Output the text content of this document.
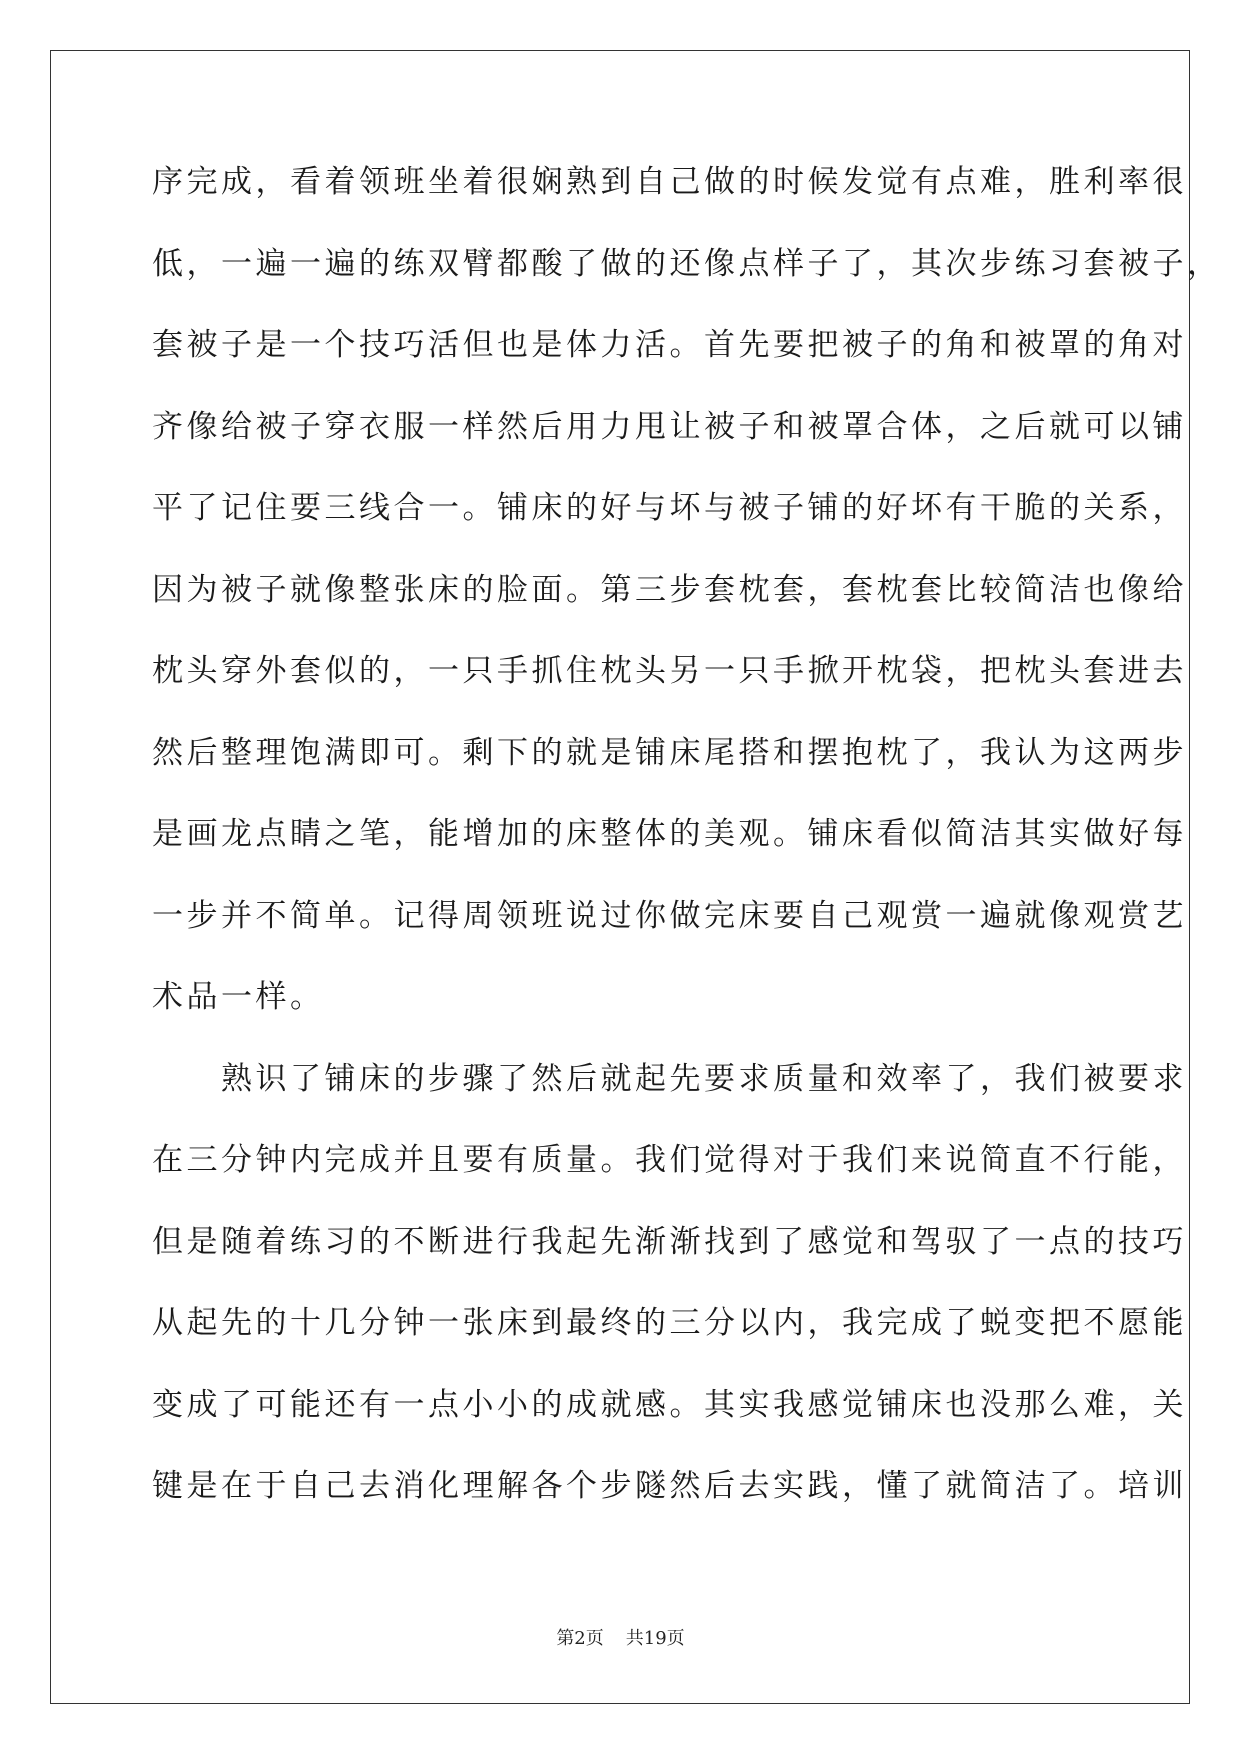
序完成，看着领班坐着很娴熟到自己做的时候发觉有点难，胜利率很
低，一遍一遍的练双臂都酸了做的还像点样子了，其次步练习套被子，
套被子是一个技巧活但也是体力活。首先要把被子的角和被罩的角对
齐像给被子穿衣服一样然后用力甩让被子和被罩合体，之后就可以铺
平了记住要三线合一。铺床的好与坏与被子铺的好坏有干脆的关系，
因为被子就像整张床的脸面。第三步套枕套，套枕套比较简洁也像给
枕头穿外套似的，一只手抓住枕头另一只手掀开枕袋，把枕头套进去
然后整理饱满即可。剩下的就是铺床尾搭和摆抱枕了，我认为这两步
是画龙点睛之笔，能增加的床整体的美观。铺床看似简洁其实做好每
一步并不简单。记得周领班说过你做完床要自己观赏一遍就像观赏艺
术品一样。
　　熟识了铺床的步骤了然后就起先要求质量和效率了，我们被要求
在三分钟内完成并且要有质量。我们觉得对于我们来说简直不行能，
但是随着练习的不断进行我起先渐渐找到了感觉和驾驭了一点的技巧
从起先的十几分钟一张床到最终的三分以内，我完成了蜕变把不愿能
变成了可能还有一点小小的成就感。其实我感觉铺床也没那么难，关
键是在于自己去消化理解各个步隧然后去实践，懂了就简洁了。培训
第2页 共19页
